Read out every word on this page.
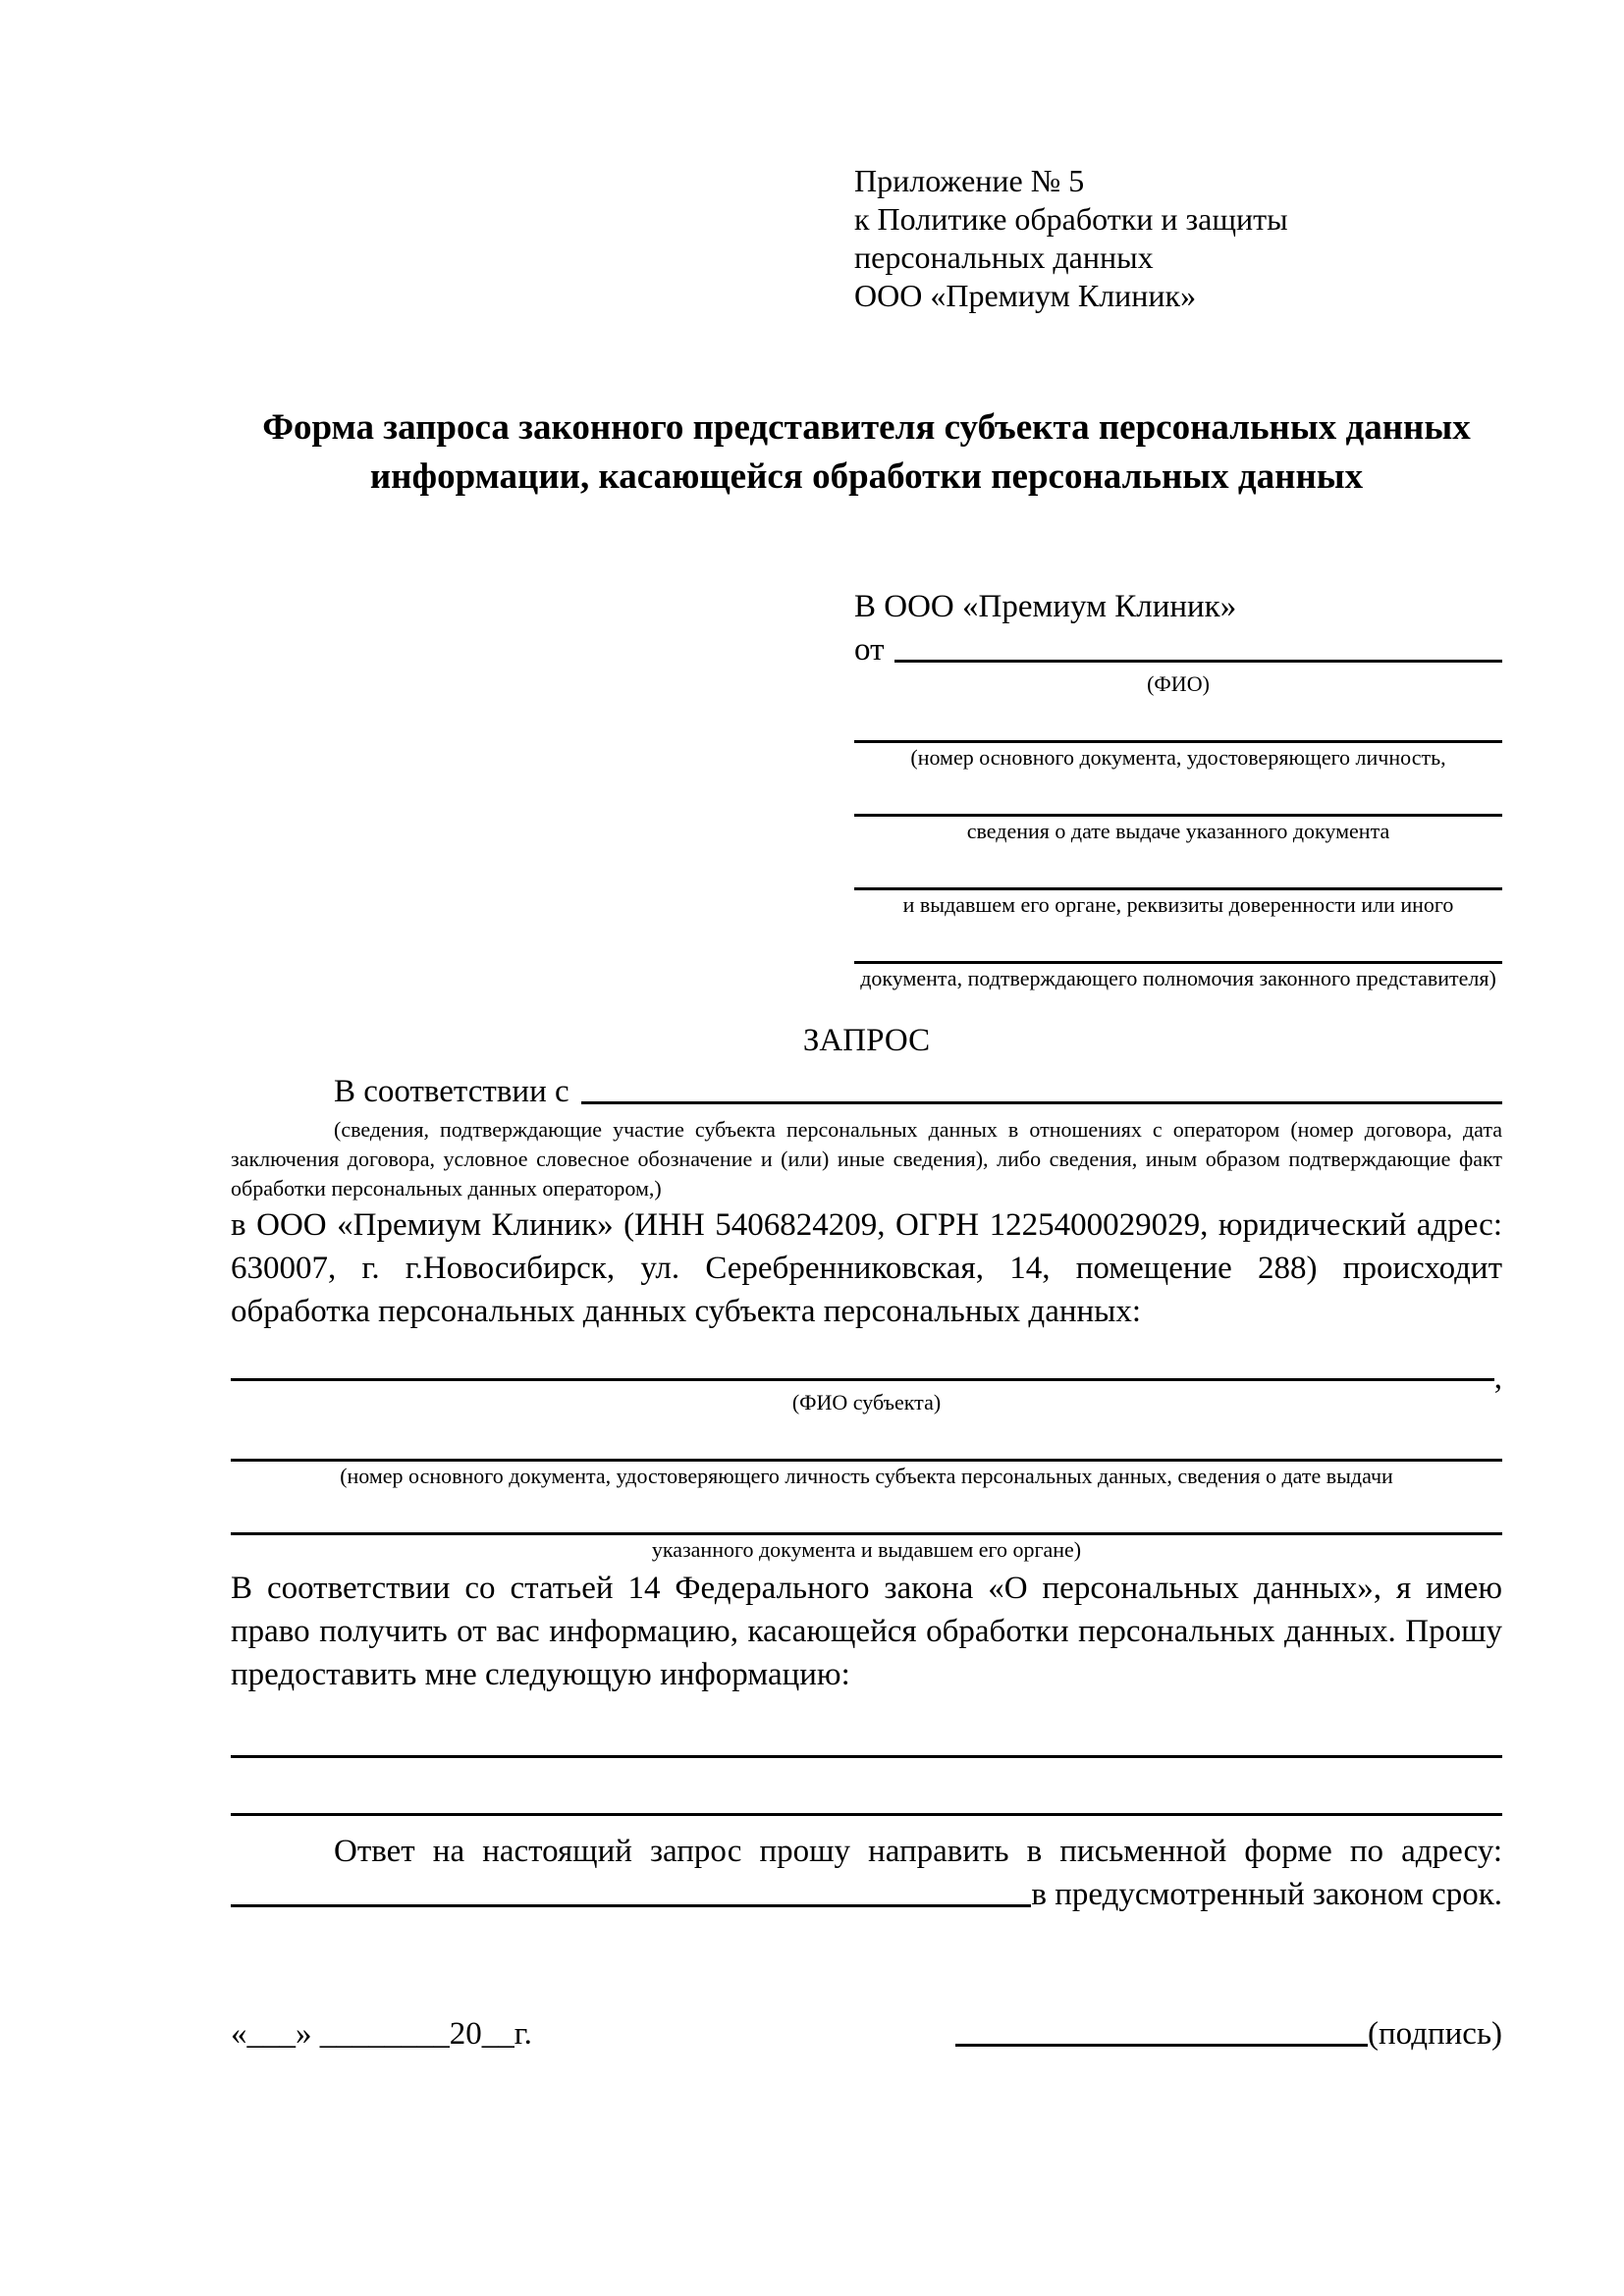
Приложение № 5
к Политике обработки и защиты
персональных данных
ООО «Премиум Клиник»
Форма запроса законного представителя субъекта персональных данных информации, касающейся обработки персональных данных
В ООО «Премиум Клиник»
от
(ФИО)
(номер основного документа, удостоверяющего личность,
сведения о дате выдаче указанного документа
и выдавшем его органе, реквизиты доверенности или иного
документа, подтверждающего полномочия законного представителя)
ЗАПРОС
В соответствии с
(сведения, подтверждающие участие субъекта персональных данных в отношениях с оператором (номер договора, дата заключения договора, условное словесное обозначение и (или) иные сведения), либо сведения, иным образом подтверждающие факт обработки персональных данных оператором,)

в ООО «Премиум Клиник» (ИНН 5406824209, ОГРН 1225400029029, юридический адрес: 630007, г. г.Новосибирск, ул. Серебренниковская, 14, помещение 288) происходит обработка персональных данных субъекта персональных данных:

,
(ФИО субъекта)
(номер основного документа, удостоверяющего личность субъекта персональных данных, сведения о дате выдачи
указанного документа и выдавшем его органе)

В соответствии со статьей 14 Федерального закона «О персональных данных», я имею право получить от вас информацию, касающейся обработки персональных данных. Прошу предоставить мне следующую информацию:

Ответ на настоящий запрос прошу направить в письменной форме по адресу:

в предусмотренный законом срок.
«___» ________20__г.	(подпись)
